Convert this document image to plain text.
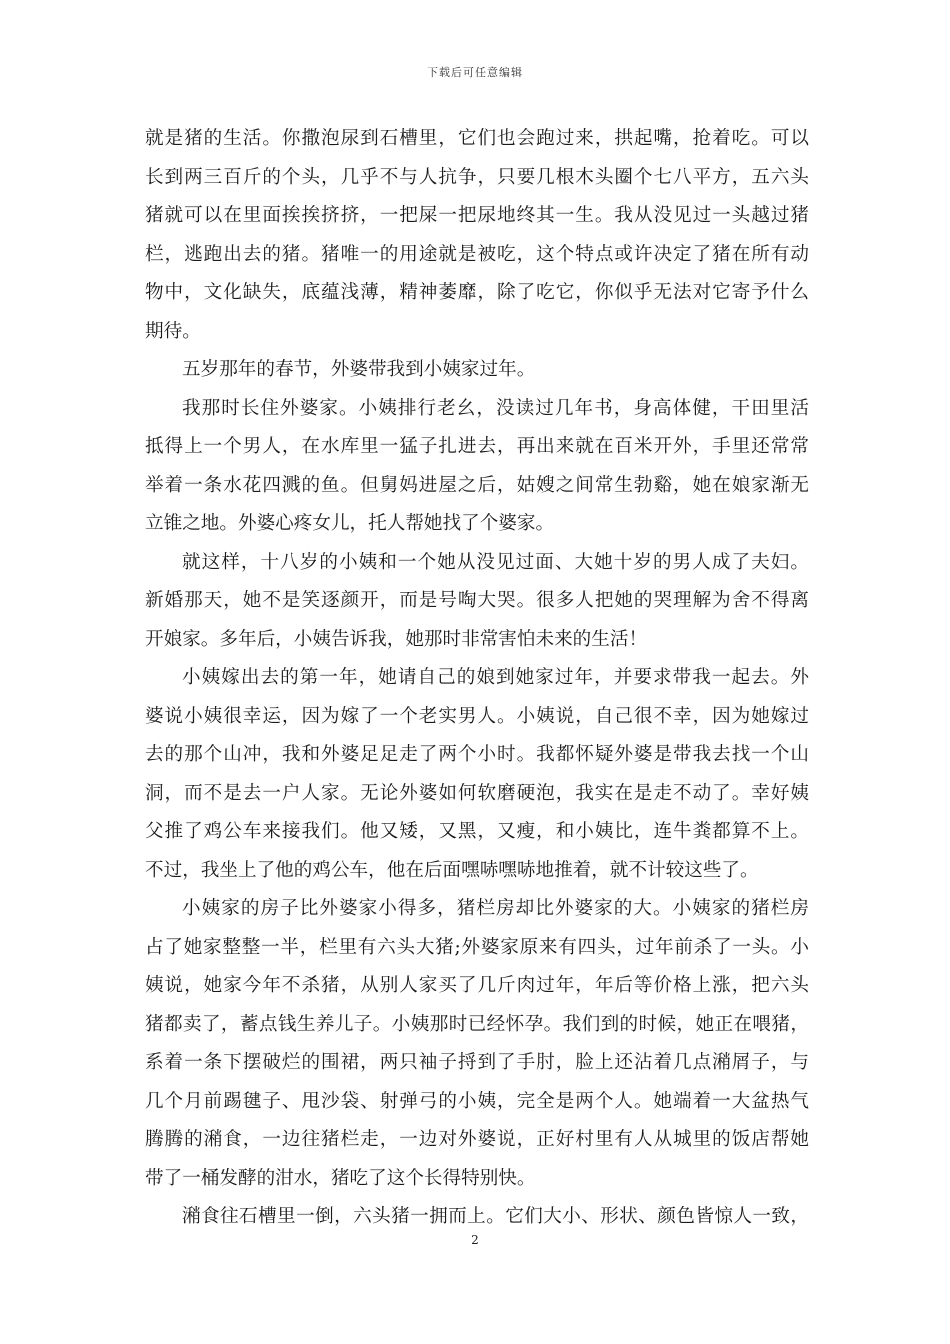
下载后可任意编辑
就是猪的生活。你撒泡尿到石槽里，它们也会跑过来，拱起嘴，抢着吃。可以
长到两三百斤的个头，几乎不与人抗争，只要几根木头圈个七八平方，五六头
猪就可以在里面挨挨挤挤，一把屎一把尿地终其一生。我从没见过一头越过猪
栏，逃跑出去的猪。猪唯一的用途就是被吃，这个特点或许决定了猪在所有动
物中，文化缺失，底蕴浅薄，精神萎靡，除了吃它，你似乎无法对它寄予什么
期待。
五岁那年的春节，外婆带我到小姨家过年。
我那时长住外婆家。小姨排行老幺，没读过几年书，身高体健，干田里活
抵得上一个男人，在水库里一猛子扎进去，再出来就在百米开外，手里还常常
举着一条水花四溅的鱼。但舅妈进屋之后，姑嫂之间常生勃谿，她在娘家渐无
立锥之地。外婆心疼女儿，托人帮她找了个婆家。
就这样，十八岁的小姨和一个她从没见过面、大她十岁的男人成了夫妇。
新婚那天，她不是笑逐颜开，而是号啕大哭。很多人把她的哭理解为舍不得离
开娘家。多年后，小姨告诉我，她那时非常害怕未来的生活！
小姨嫁出去的第一年，她请自己的娘到她家过年，并要求带我一起去。外
婆说小姨很幸运，因为嫁了一个老实男人。小姨说，自己很不幸，因为她嫁过
去的那个山冲，我和外婆足足走了两个小时。我都怀疑外婆是带我去找一个山
洞，而不是去一户人家。无论外婆如何软磨硬泡，我实在是走不动了。幸好姨
父推了鸡公车来接我们。他又矮，又黑，又瘦，和小姨比，连牛粪都算不上。
不过，我坐上了他的鸡公车，他在后面嘿哧嘿哧地推着，就不计较这些了。
小姨家的房子比外婆家小得多，猪栏房却比外婆家的大。小姨家的猪栏房
占了她家整整一半，栏里有六头大猪;外婆家原来有四头，过年前杀了一头。小
姨说，她家今年不杀猪，从别人家买了几斤肉过年，年后等价格上涨，把六头
猪都卖了，蓄点钱生养儿子。小姨那时已经怀孕。我们到的时候，她正在喂猪，
系着一条下摆破烂的围裙，两只袖子捋到了手肘，脸上还沾着几点潲屑子，与
几个月前踢毽子、甩沙袋、射弹弓的小姨，完全是两个人。她端着一大盆热气
腾腾的潲食，一边往猪栏走，一边对外婆说，正好村里有人从城里的饭店帮她
带了一桶发酵的泔水，猪吃了这个长得特别快。
潲食往石槽里一倒，六头猪一拥而上。它们大小、形状、颜色皆惊人一致，
2
